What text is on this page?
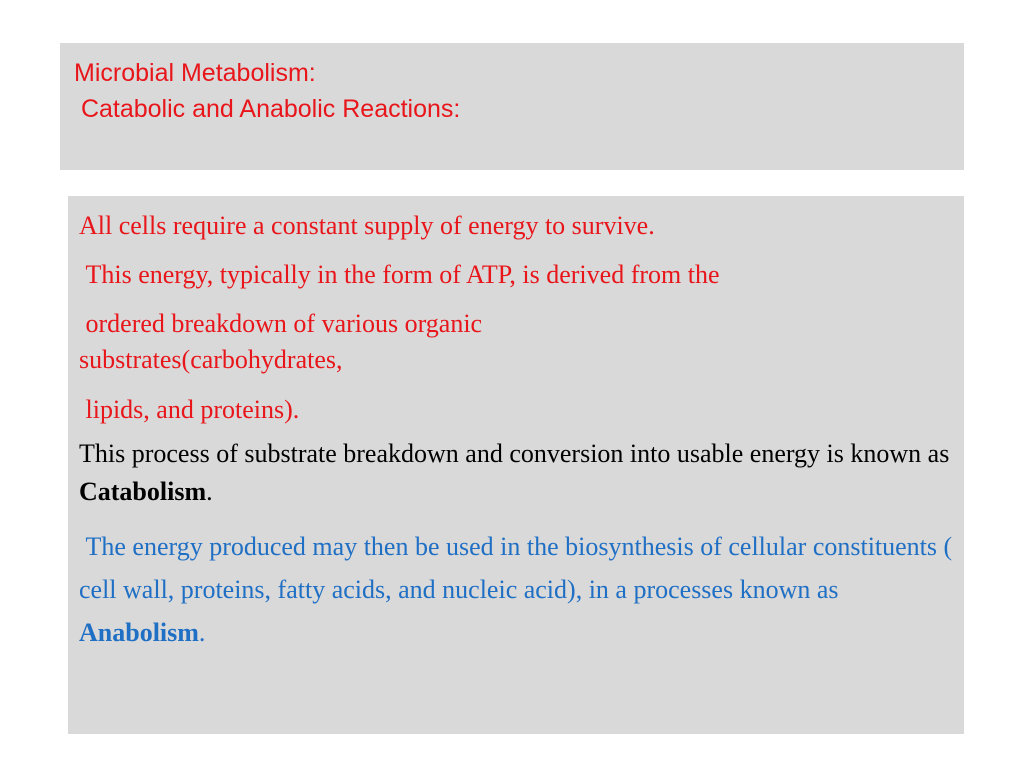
Microbial Metabolism:
Catabolic and Anabolic Reactions:

All cells require a constant supply of energy to survive.

This energy, typically in the form of ATP, is derived from the

ordered breakdown of various organic

substrates(carbohydrates,

lipids, and proteins).

This process of substrate breakdown and conversion into usable energy is known as Catabolism.

The energy produced may then be used in the biosynthesis of cellular constituents ( cell wall, proteins, fatty acids, and nucleic acid), in a processes known as Anabolism.
